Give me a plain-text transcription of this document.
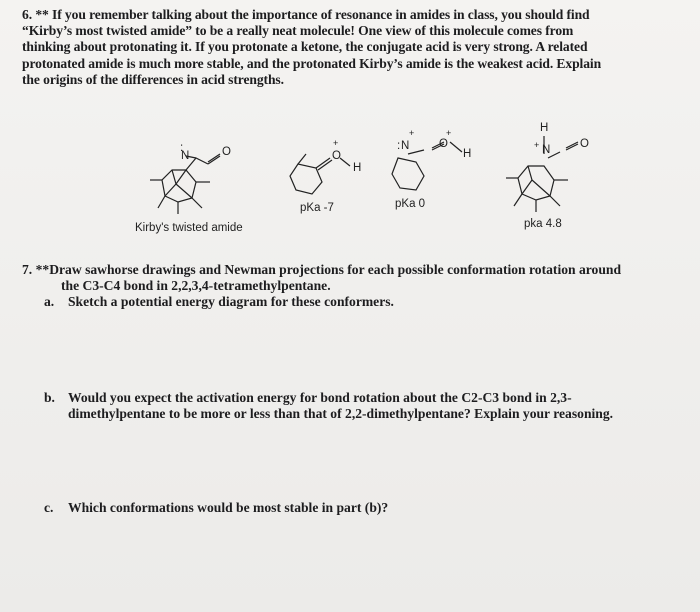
6. ** If you remember talking about the importance of resonance in amides in class, you should find

“Kirby’s most twisted amide” to be a really neat molecule! One view of this molecule comes from

thinking about protonating it. If you protonate a ketone, the conjugate acid is very strong. A related

protonated amide is much more stable, and the protonated Kirby’s amide is the weakest acid. Explain

the origins of the differences in acid strengths.

:
N	O	O
+
H
N
:
+
O
+
H
H
+ N	O
pKa -7	pKa 0
Kirby's twisted amide	pka 4.8
7. **Draw sawhorse drawings and Newman projections for each possible conformation rotation around
the C3-C4 bond in 2,2,3,4-tetramethylpentane.
a. Sketch a potential energy diagram for these conformers.
b. Would you expect the activation energy for bond rotation about the C2-C3 bond in 2,3-
dimethylpentane to be more or less than that of 2,2-dimethylpentane? Explain your reasoning.
c. Which conformations would be most stable in part (b)?
